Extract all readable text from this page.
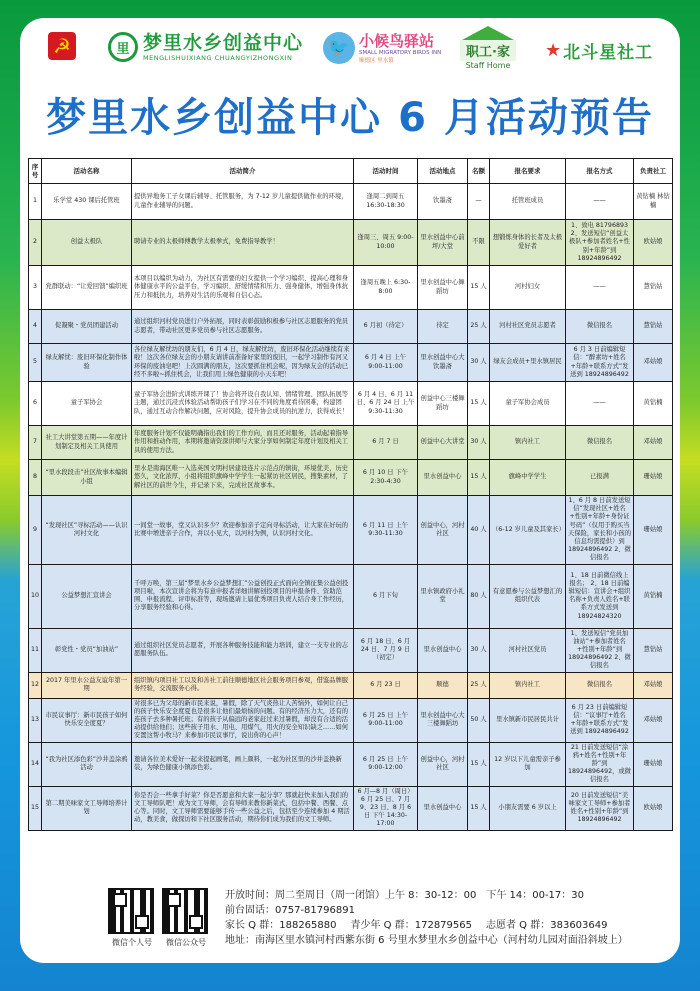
☭	里 梦里水乡创益中心
MENGLISHUIXIANG CHUANGYIZHONGXIN	🐦 小候鸟驿站
SMALL MIGRATORY BIRDS INN
顺德区 里水镇
职工·家
Staff Home
★ 北斗星社工
梦里水乡创益中心 6 月活动预告
序号	活动名称	活动简介	活动时间	活动地点	名额	报名要求	报名方式	负责社工
1	乐学堂 430 课后托管班	提供异地务工子女课后辅导、托管服务，为 7-12 岁儿童提供做作业的环境，儿童作业辅导的问题。	逢周二到周五 16:30-18:30	饮墨斋	—	托管班成员	——	黄钻楠 林钻楠
2	创益太极队	聘请专业的太极师傅教学太极拳式，免费指导教学！	逢周三、周五 9:00-10:00	里水创益中心前坪/大堂	不限	想锻炼身体的长者及太极爱好者	1、致电 81796893 2、发送短信“创益太极队+参加者姓名+性别+年龄”到 18924896492	欧姑娘
3	党群联动：“让爱回馈”编织班	本项目以编织为动力，为社区有需要的妇女提供一个学习编织、提高心理和身体健康水平的公益平台，学习编织、舒缓情绪和压力、强身健体，增强身体抗压力和抵抗力，培养对生活的乐观和自信心态。	逢周五晚上 6:30-8:00	里水创益中心舞蹈坊	15 人	河村妇女	——	慧钻姑
4	促凝聚・党员团建活动	通过组织河村党员进行户外拓展，同时表彰鼓励积极参与社区志愿服务的党员志愿者，带动社区更多党员参与社区志愿服务。	6 月初（待定）	待定	25 人	河村社区党员志愿者	微信报名	慧钻姑
5	绿友解忧：废旧环保化制作体验	各位绿友解忧坊的朋友们，6 月 4 日，绿友解忧坊，废旧环保化活动继续有来啦！这次各位绿友会的小朋友请讲前准备好家里的废旧，一起学习制作有河又环保的废油皂吧！上次圆满的朋友，这次要抓住机会呢，因为绿友会的活动已经不多啦~抓住机会，让我们用上绿色健康的小天车吧！	6 月 4 日 上午 9:00-11:00	里水创益中心大饮墨斋	30 人	绿友会成员+里水镇居民	6 月 3 日前编辑短信：“醉素坊+姓名+年龄+联系方式”发送到 18924896492	邓姑娘
6	童子军协会	童子军协会进阶式训练开课了！协会将开设自我认知、情绪管理、团队拓展等主题，通过沉浸式体验活动帮助孩子们学习在不同的角度看待困难，构建团队，通过互动合作解决问题，应对风险，提升协会成员的抗逆力，获得成长！	6 月 4 日、6 月 11 日、6 月 24 日 上午 9:30-11:30	创益中心三楼舞蹈坊	15 人	童子军协会成员	——	黄钻楠
7	社工大讲堂第五期——年度计划制定及相关工具使用	年度服务计划不仅能明确指出我们的工作方向，而且还对服务，活动起着指导作用和推动作用，本期将邀请资深讲师与大家分享如何制定年度计划及相关工具的使用方法。	6 月 7 日	创益中心大讲堂	30 人	镇内社工	微信报名	邓姑娘
8	“里水段段击”社区故事本编辑小组	里水是南海区唯一入选英国文明村居建设连片示范点的镇街，环境优美，历史悠久，文化浓厚，小组将组织旗峰中学学生一起紧访社区居民，搜集素材，了解社区的前世今生，并记录下来，完成社区故事本。	6 月 10 日 下午 2:30-4:30	里水创益中心	15 人	旗峰中学学生	已报满	珊姑娘
9	“发现社区”寻标活动——认识河村文化	一间堂一故事，堂又认识多少？欢迎参加亲子定向寻标活动，让大家在好玩的比赛中增进亲子合作，并以小见大，以河村为例，认识河村文化。	6 月 11 日 上午 9:30-11:30	创益中心，河村社区	40 人	（6-12 岁儿童及其家长）	1、6 月 8 日前发送短信“发现社区+姓名+性别+年龄+身份证号码”（仅用于购买当天保险，家长和小孩的信息均需提供）到 18924896492 2、微信报名	珊姑娘
10	公益梦想汇宣讲会	千呼万唤，第三届“梦里水乡公益梦想汇”公益创投正式面向全镇征集公益创投项目啦，本次宣讲会将为有意申报者详细讲解创投项目的申报条件、资助范围、申报流程、评审标准等，现场邀请上届优秀项目负责人结合身工作经历，分享服务经验和心得。	6 月下旬	里水镇政府小礼堂	80 人	有意愿参与公益梦想汇的组织代表	1、18 日前微信线上报名； 2、18 日前编辑短信：宣讲会+组织名称+负责人姓名+联系方式发送到 18924824320	黄钻楠
11	彰党性・党员“加油站”	通过组织社区党员志愿者，开展各种服务技能和能力培训，建立一支专业的志愿服务队伍。	6 月 18 日、6 月 24 日、7 月 9 日（初定）	里水创益中心	30 人	河村社区党员	1、发送短信“党员加油站”+参加者姓名+性别+年龄”到 18924896492 2、微信报名	慧钻姑
12	2017 年里水公益友谊年第一期	组织镇内项目社工以及和善社工前往顺德地区社会服务项目参观，借鉴品牌服务经验，交流服务心得。	6 月 23 日	顺德	25 人	镇内社工	微信报名	邓姑娘
13	市民议事厅：新市民孩子如何快乐安全度夏？	对很多已为父母的新市民来说，暑假，除了天气炎热让人苦恼外，如何让自己的孩子快乐安全度夏也是很多让他们最烦恼的问题。有的经济压力大，还有的连孩子去多种暑托班；有的孩子从偏远的老家赶过来过暑假，却没有合适的活动提供给他们；这些孩子用水、用电、用煤气，用火的安全知识缺乏……如何安置这帮小牧马？来参加市民议事厅，说出你的心声！	6 月 25 日 上午 9:00-11:00	里水创益中心大三楼舞蹈坊	50 人	里水镇新市民居民共计	6 月 23 日前编辑短信：“议事厅+姓名+年龄+联系方式”发送到 18924896492	邓姑娘
14	“我为社区添色彩”沙井盖涂鸦活动	邀请各位美术爱好一起来提起画笔，画上颜料，一起为社区里的沙井盖换新装，为绿色健康小镇添色彩。	6 月 25 日 上午 9:00-12:00	创益中心，河村社区	15 人	12 岁以下儿童需亲子参加	21 日前发送短信“涂鸦+姓名+性别+年龄”到 18924896492，或微信报名	珊姑娘
15	第二期美味家文工导师培养计划	你是否会一些拿手好菜？你是否愿意和大家一起分享？那就赶快来加入我们的文工导师队吧！成为文工导师，会有导师来教你新菜式，包括中餐、西餐、点心等。同时，文工导师需要能够手传一些公益之后，包括至少连续参加 4 期活动，教美食，做探访和下社区服务活动，期待你们成为我们的文工导师。	6 月—8 月（周日）6 月 25 日、7 月 9、23 日、8 月 6 日 下午 14:30-17:00	里水创益中心	15 人	小朋友需要 6 岁以上	20 日前发送短信“美味家文工导师+参加者姓名+性别+年龄”到 18924896492	欧姑娘
微信个人号	微信公众号
开放时间：周二至周日（周一闭馆）上午 8：30-12：00　下午 14：00-17：30
前台固话：0757-81796891
家长 Q 群：188265880 青少年 Q 群：172879565 志愿者 Q 群：383603649
地址：南海区里水镇河村西紫东街 6 号里水梦里水乡创益中心（河村幼儿园对面沿斜坡上）
